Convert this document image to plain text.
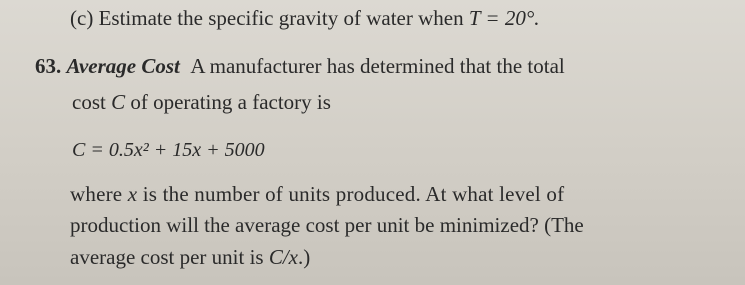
(c) Estimate the specific gravity of water when T = 20°.
63. Average Cost A manufacturer has determined that the total
cost C of operating a factory is
C = 0.5x² + 15x + 5000
where x is the number of units produced. At what level of
production will the average cost per unit be minimized? (The
average cost per unit is C/x.)
